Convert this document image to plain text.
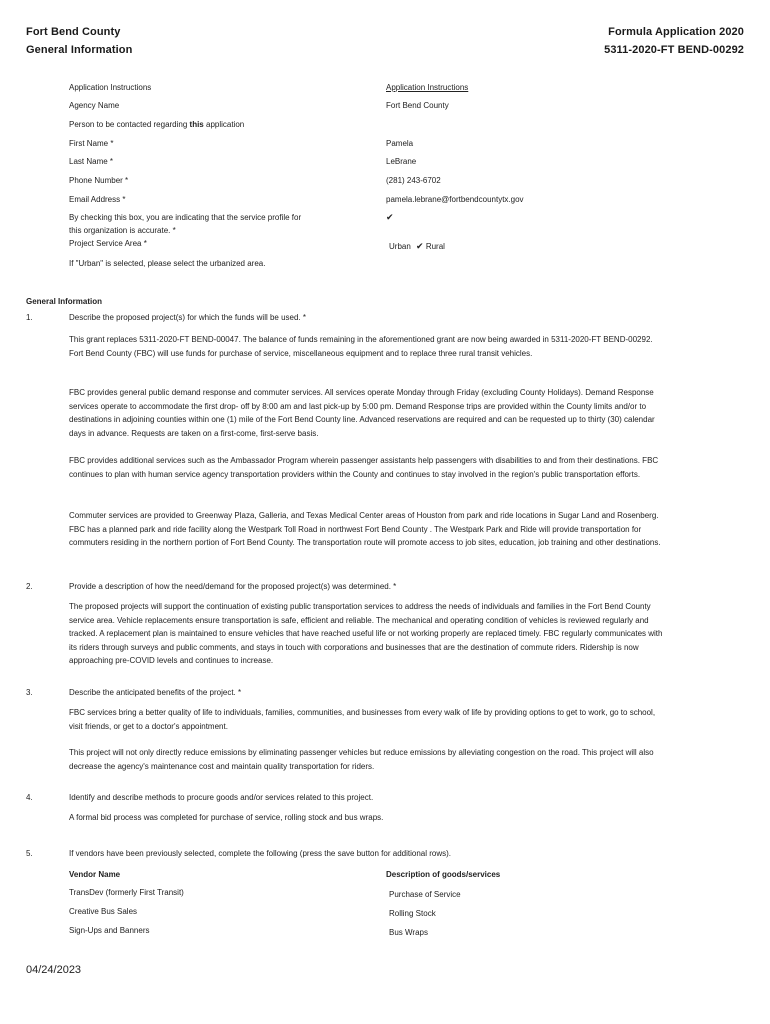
Fort Bend County
General Information
Formula Application 2020
5311-2020-FT BEND-00292
Application Instructions	Application Instructions
Agency Name	Fort Bend County
Person to be contacted regarding this application
First Name *	Pamela
Last Name *	LeBrane
Phone Number *	(281) 243-6702
Email Address *	pamela.lebrane@fortbendcountytx.gov
By checking this box, you are indicating that the service profile for
this organization is accurate. *
✔
Project Service Area *	Urban ✔ Rural
If "Urban" is selected, please select the urbanized area.
General Information
1.	Describe the proposed project(s) for which the funds will be used. *
This grant replaces 5311-2020-FT BEND-00047. The balance of funds remaining in the aforementioned grant are now being awarded in 5311-2020-FT BEND-00292. Fort Bend County (FBC) will use funds for purchase of service, miscellaneous equipment and to replace three rural transit vehicles.
FBC provides general public demand response and commuter services. All services operate Monday through Friday (excluding County Holidays). Demand Response services operate to accommodate the first drop- off by 8:00 am and last pick-up by 5:00 pm. Demand Response trips are provided within the County limits and/or to destinations in adjoining counties within one (1) mile of the Fort Bend County line. Advanced reservations are required and can be requested up to thirty (30) calendar days in advance. Requests are taken on a first-come, first-serve basis.
FBC provides additional services such as the Ambassador Program wherein passenger assistants help passengers with disabilities to and from their destinations. FBC continues to plan with human service agency transportation providers within the County and continues to stay involved in the region's public transportation efforts.
Commuter services are provided to Greenway Plaza, Galleria, and Texas Medical Center areas of Houston from park and ride locations in Sugar Land and Rosenberg. FBC has a planned park and ride facility along the Westpark Toll Road in northwest Fort Bend County . The Westpark Park and Ride will provide transportation for commuters residing in the northern portion of Fort Bend County. The transportation route will promote access to job sites, education, job training and other destinations.
2.	Provide a description of how the need/demand for the proposed project(s) was determined. *
The proposed projects will support the continuation of existing public transportation services to address the needs of individuals and families in the Fort Bend County service area. Vehicle replacements ensure transportation is safe, efficient and reliable. The mechanical and operating condition of vehicles is reviewed regularly and tracked. A replacement plan is maintained to ensure vehicles that have reached useful life or not working properly are replaced timely. FBC regularly communicates with its riders through surveys and public comments, and stays in touch with corporations and businesses that are the destination of commute riders. Ridership is now approaching pre-COVID levels and continues to increase.
3.	Describe the anticipated benefits of the project. *
FBC services bring a better quality of life to individuals, families, communities, and businesses from every walk of life by providing options to get to work, go to school, visit friends, or get to a doctor's appointment.
This project will not only directly reduce emissions by eliminating passenger vehicles but reduce emissions by alleviating congestion on the road. This project will also decrease the agency's maintenance cost and maintain quality transportation for riders.
4.	Identify and describe methods to procure goods and/or services related to this project.
A formal bid process was completed for purchase of service, rolling stock and bus wraps.
5.	If vendors have been previously selected, complete the following (press the save button for additional rows).
Vendor Name	Description of goods/services
TransDev (formerly First Transit)	Purchase of Service
Creative Bus Sales	Rolling Stock
Sign-Ups and Banners	Bus Wraps
04/24/2023
